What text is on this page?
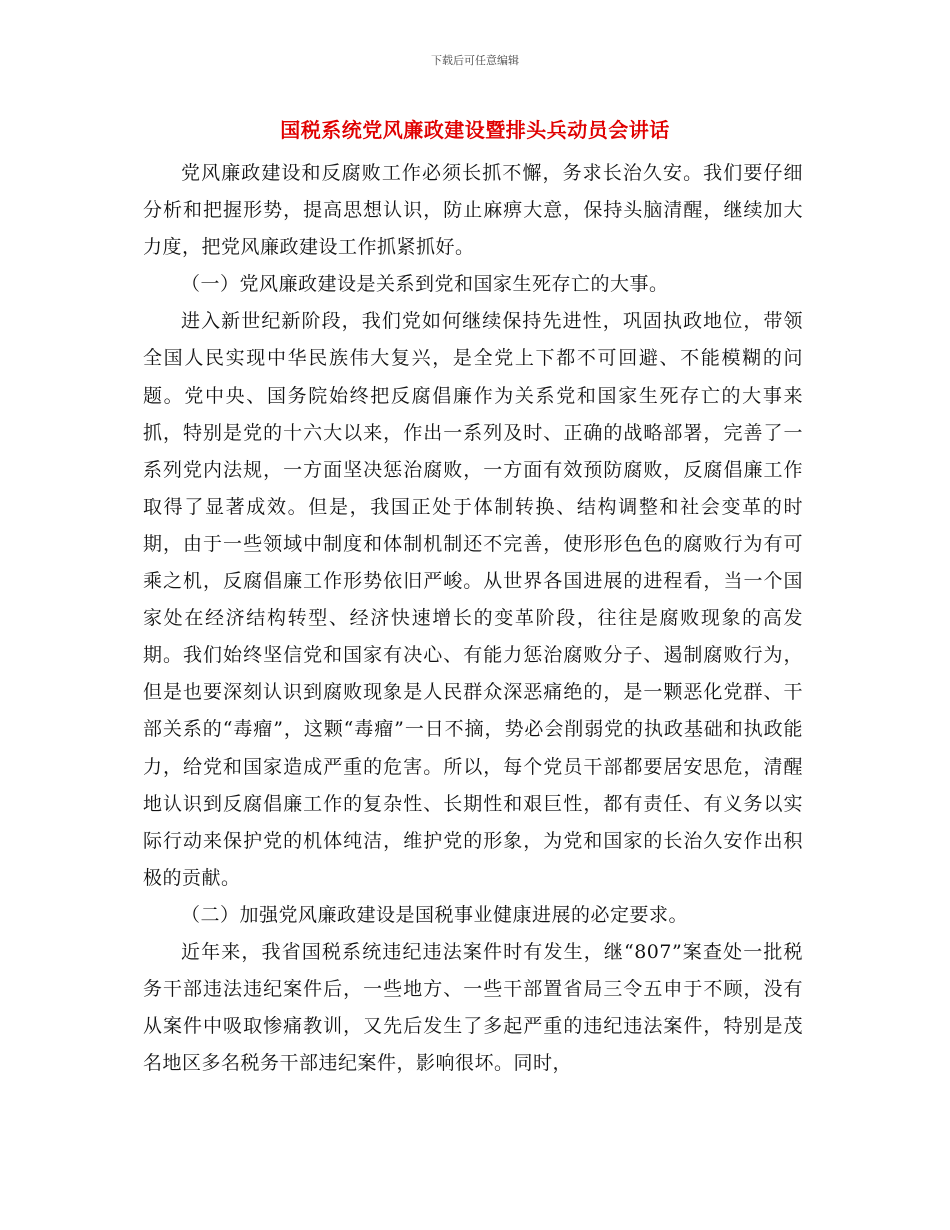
下载后可任意编辑
国税系统党风廉政建设暨排头兵动员会讲话

党风廉政建设和反腐败工作必须长抓不懈，务求长治久安。我们要仔细分析和把握形势，提高思想认识，防止麻痹大意，保持头脑清醒，继续加大力度，把党风廉政建设工作抓紧抓好。

（一）党风廉政建设是关系到党和国家生死存亡的大事。

进入新世纪新阶段，我们党如何继续保持先进性，巩固执政地位，带领全国人民实现中华民族伟大复兴，是全党上下都不可回避、不能模糊的问题。党中央、国务院始终把反腐倡廉作为关系党和国家生死存亡的大事来抓，特别是党的十六大以来，作出一系列及时、正确的战略部署，完善了一系列党内法规，一方面坚决惩治腐败，一方面有效预防腐败，反腐倡廉工作取得了显著成效。但是，我国正处于体制转换、结构调整和社会变革的时期，由于一些领域中制度和体制机制还不完善，使形形色色的腐败行为有可乘之机，反腐倡廉工作形势依旧严峻。从世界各国进展的进程看，当一个国家处在经济结构转型、经济快速增长的变革阶段，往往是腐败现象的高发期。我们始终坚信党和国家有决心、有能力惩治腐败分子、遏制腐败行为，但是也要深刻认识到腐败现象是人民群众深恶痛绝的，是一颗恶化党群、干部关系的“毒瘤”，这颗“毒瘤”一日不摘，势必会削弱党的执政基础和执政能力，给党和国家造成严重的危害。所以，每个党员干部都要居安思危，清醒地认识到反腐倡廉工作的复杂性、长期性和艰巨性，都有责任、有义务以实际行动来保护党的机体纯洁，维护党的形象，为党和国家的长治久安作出积极的贡献。

（二）加强党风廉政建设是国税事业健康进展的必定要求。

近年来，我省国税系统违纪违法案件时有发生，继“807”案查处一批税务干部违法违纪案件后，一些地方、一些干部置省局三令五申于不顾，没有从案件中吸取惨痛教训，又先后发生了多起严重的违纪违法案件，特别是茂名地区多名税务干部违纪案件，影响很坏。同时，
